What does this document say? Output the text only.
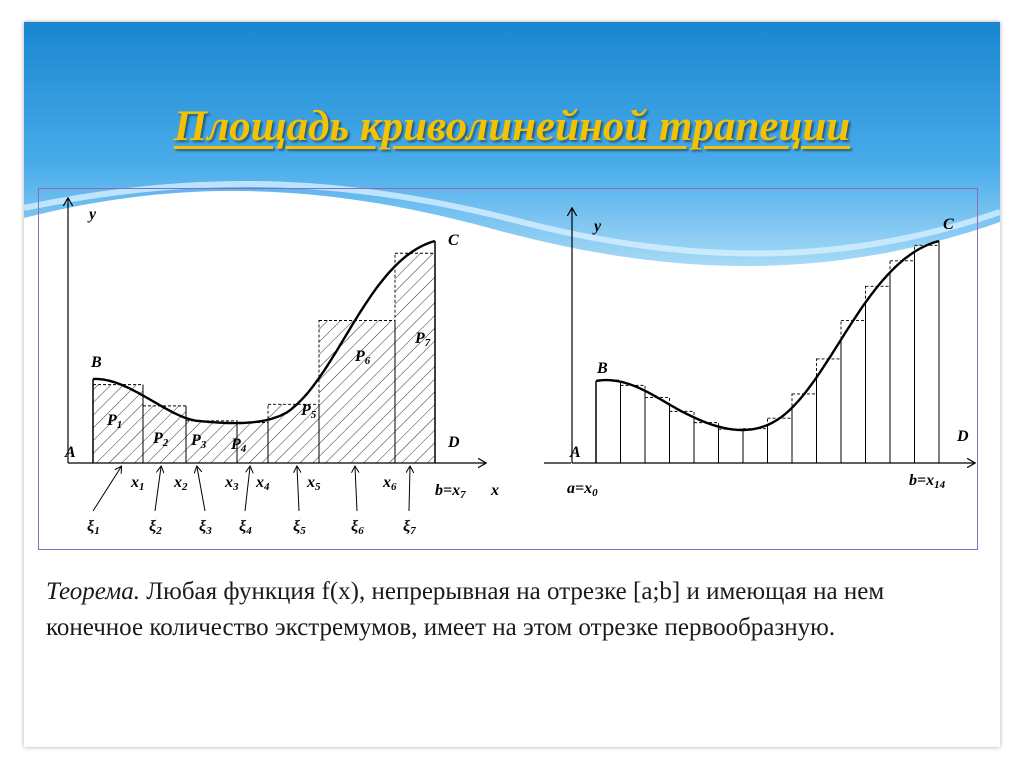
Площадь криволинейной трапеции
P1
ξ1
P2
x1
ξ2
P3
x2
ξ3
P4
x3
ξ4
P5
x4
ξ5
P6
x5
ξ6
P7
x6
ξ7
y
B
C
A
D
b=x7 x
y
B
C
A
D
a=x0
b=x14
Теорема. Любая функция f(x), непрерывная на отрезке [a;b] и имеющая на нем конечное количество экстремумов, имеет на этом отрезке первообразную.
